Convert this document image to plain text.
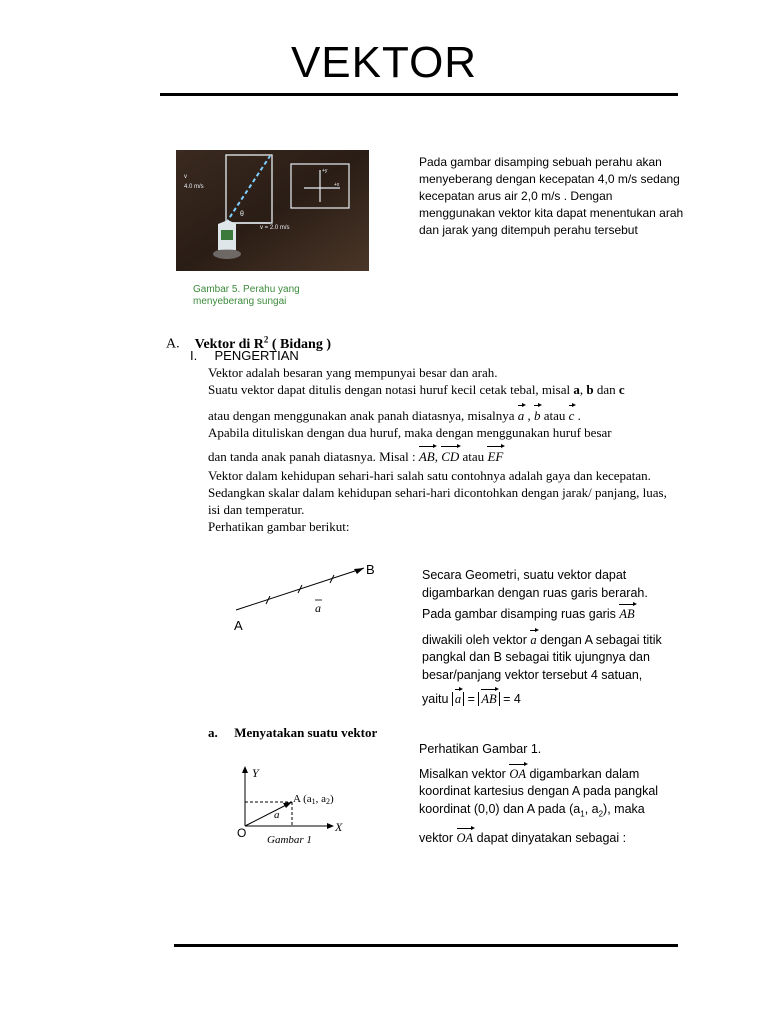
VEKTOR
v
4.0 m/s
θ
v = 2.0 m/s
+y
+x
Gambar 5. Perahu yang menyeberang sungai
Pada gambar disamping sebuah perahu akan menyeberang dengan kecepatan 4,0 m/s sedang kecepatan arus air 2,0 m/s . Dengan menggunakan vektor kita dapat menentukan arah dan jarak yang ditempuh perahu tersebut
A. Vektor di $R^2$ ( Bidang )
I. PENGERTIAN
Vektor adalah besaran yang mempunyai besar dan arah.
Suatu vektor dapat ditulis dengan notasi huruf kecil cetak tebal, misal a, b dan c
atau dengan menggunakan anak panah diatasnya, misalnya a , b atau c .
Apabila dituliskan dengan dua huruf, maka dengan menggunakan huruf besar
dan tanda anak panah diatasnya. Misal : AB, CD atau EF
Vektor dalam kehidupan sehari-hari salah satu contohnya adalah gaya dan kecepatan.
Sedangkan skalar dalam kehidupan sehari-hari dicontohkan dengan jarak/ panjang, luas, isi dan temperatur.
Perhatikan gambar berikut:
A
B
a
Secara Geometri, suatu vektor dapat digambarkan dengan ruas garis berarah.
Pada gambar disamping ruas garis AB
diwakili oleh vektor a dengan A sebagai titik pangkal dan B sebagai titik ujungnya dan besar/panjang vektor tersebut 4 satuan,
yaitu a = AB = 4
a. Menyatakan suatu vektor
Y
X
O
A (a1, a2)
a
Gambar 1
Perhatikan Gambar 1.
Misalkan vektor OA digambarkan dalam koordinat kartesius dengan A pada pangkal koordinat (0,0) dan A pada ($a_1$, $a_2$), maka
vektor OA dapat dinyatakan sebagai :
